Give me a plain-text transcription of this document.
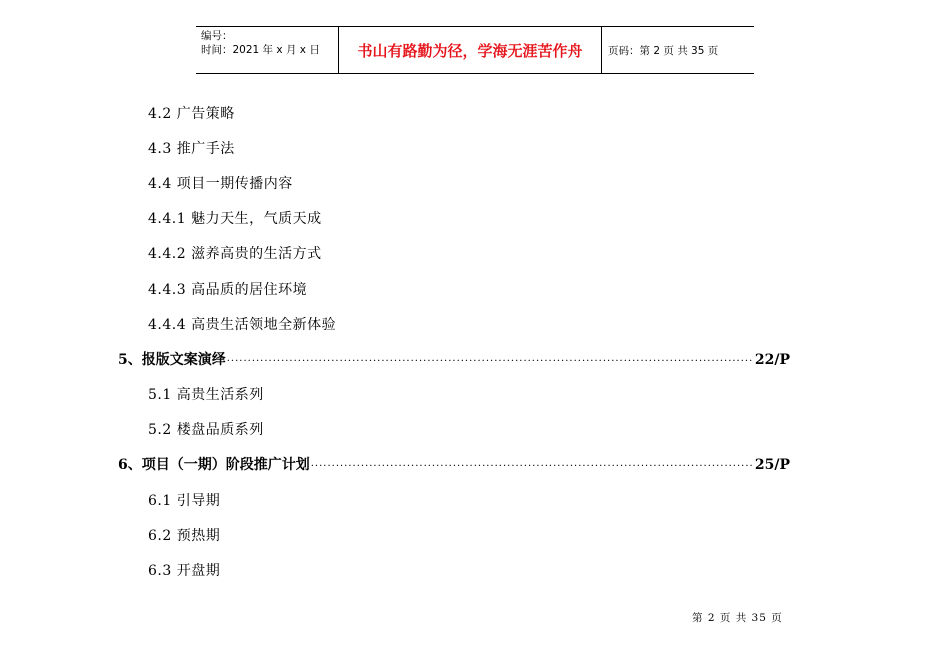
编号：
时间：2021 年 x 月 x 日	书山有路勤为径，学海无涯苦作舟	页码：第 2 页 共 35 页
4.2 广告策略
4.3 推广手法
4.4 项目一期传播内容
4.4.1 魅力天生，气质天成
4.4.2 滋养高贵的生活方式
4.4.3 高品质的居住环境
4.4.4 高贵生活领地全新体验
5、报版文案演绎 ·····	22/P
5.1 高贵生活系列
5.2 楼盘品质系列
6、项目（一期）阶段推广计划 ·····	25/P
6.1 引导期
6.2 预热期
6.3 开盘期
第 2 页 共 35 页
